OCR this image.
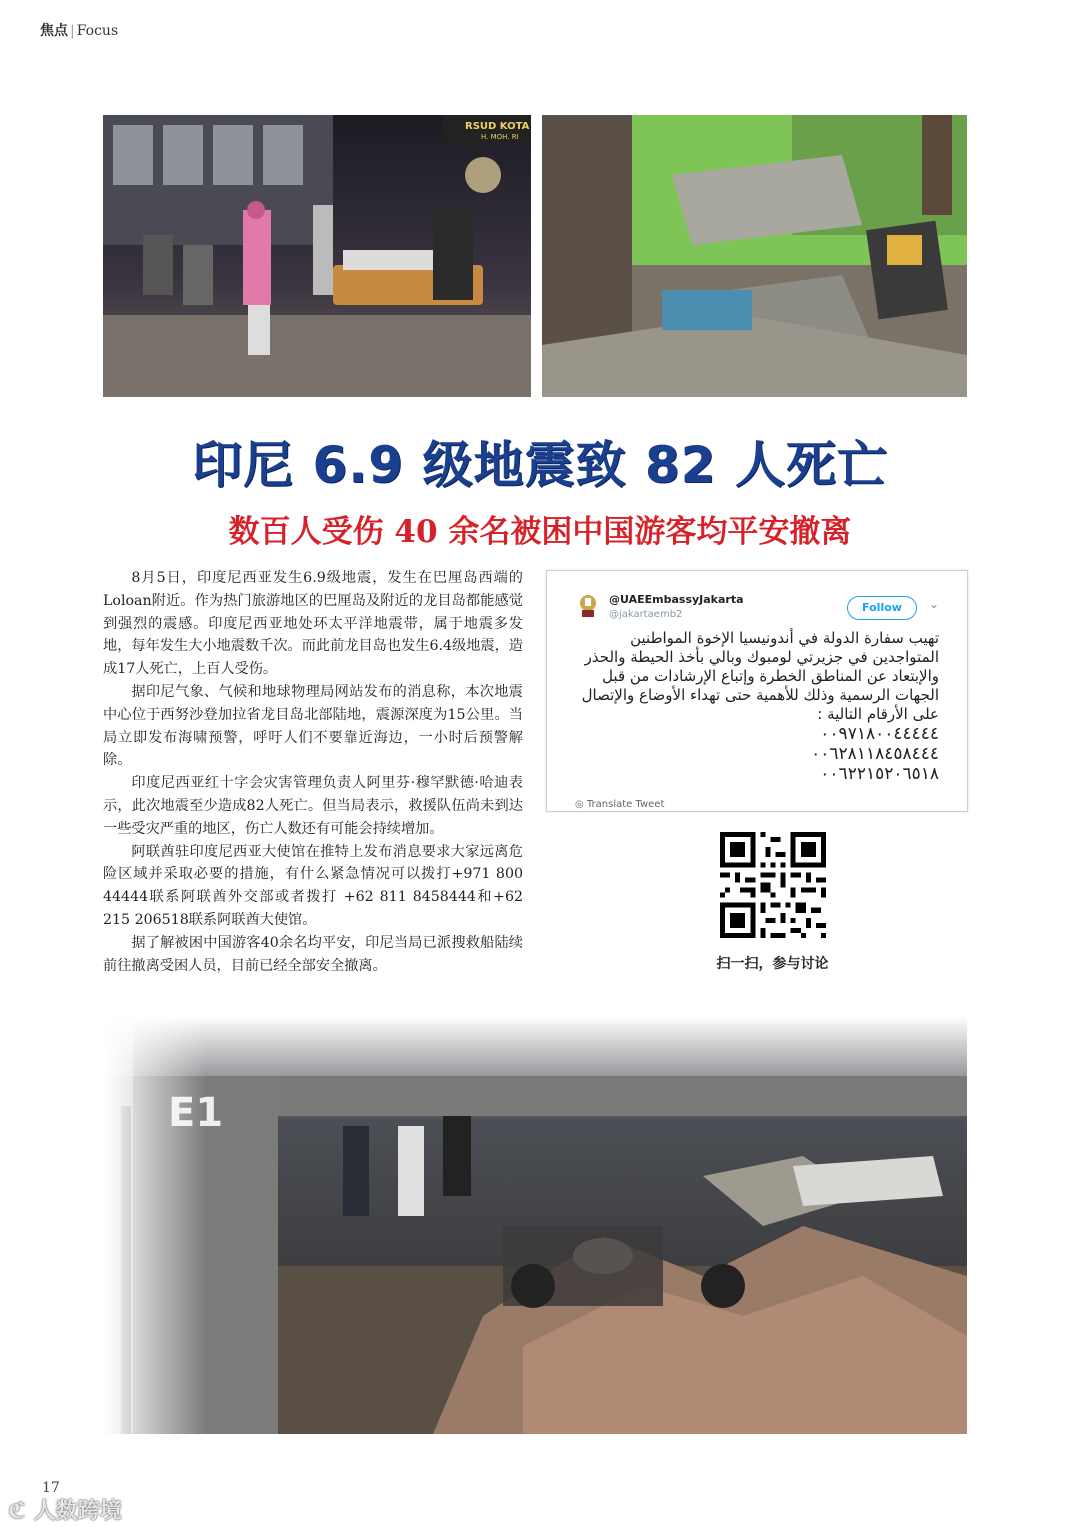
焦点 | Focus
RSUD KOTA
H. MOH. RI
印尼 6.9 级地震致 82 人死亡
数百人受伤 40 余名被困中国游客均平安撤离

8月5日，印度尼西亚发生6.9级地震，发生在巴厘岛西端的Loloan附近。作为热门旅游地区的巴厘岛及附近的龙目岛都能感觉到强烈的震感。印度尼西亚地处环太平洋地震带，属于地震多发地，每年发生大小地震数千次。而此前龙目岛也发生6.4级地震，造成17人死亡，上百人受伤。

据印尼气象、气候和地球物理局网站发布的消息称，本次地震中心位于西努沙登加拉省龙目岛北部陆地，震源深度为15公里。当局立即发布海啸预警，呼吁人们不要靠近海边，一小时后预警解除。

印度尼西亚红十字会灾害管理负责人阿里芬·穆罕默德·哈迪表示，此次地震至少造成82人死亡。但当局表示，救援队伍尚未到达一些受灾严重的地区，伤亡人数还有可能会持续增加。

阿联酋驻印度尼西亚大使馆在推特上发布消息要求大家远离危险区域并采取必要的措施，有什么紧急情况可以拨打+971 800 44444联系阿联酋外交部或者拨打 +62 811 8458444和+62 215 206518联系阿联酋大使馆。

据了解被困中国游客40余名均平安，印尼当局已派搜救船陆续前往撤离受困人员，目前已经全部安全撤离。

@UAEEmbassyJakarta
@jakartaemb2
Follow	⌄
تهيب سفارة الدولة في أندونيسيا الإخوة المواطنين المتواجدين في جزيرتي لومبوك وبالي بأخذ الحيطة والحذر والإبتعاد عن المناطق الخطرة وإتباع الإرشادات من قبل الجهات الرسمية وذلك للأهمية حتى تهداء الأوضاع والإتصال على الأرقام التالية :
٠٠٩٧١٨٠٠٤٤٤٤٤
٠٠٦٢٨١١٨٤٥٨٤٤٤
٠٠٦٢٢١٥٢٠٦٥١٨
◎ Translate Tweet
扫一扫，参与讨论
17
ℭ 人数跨境
